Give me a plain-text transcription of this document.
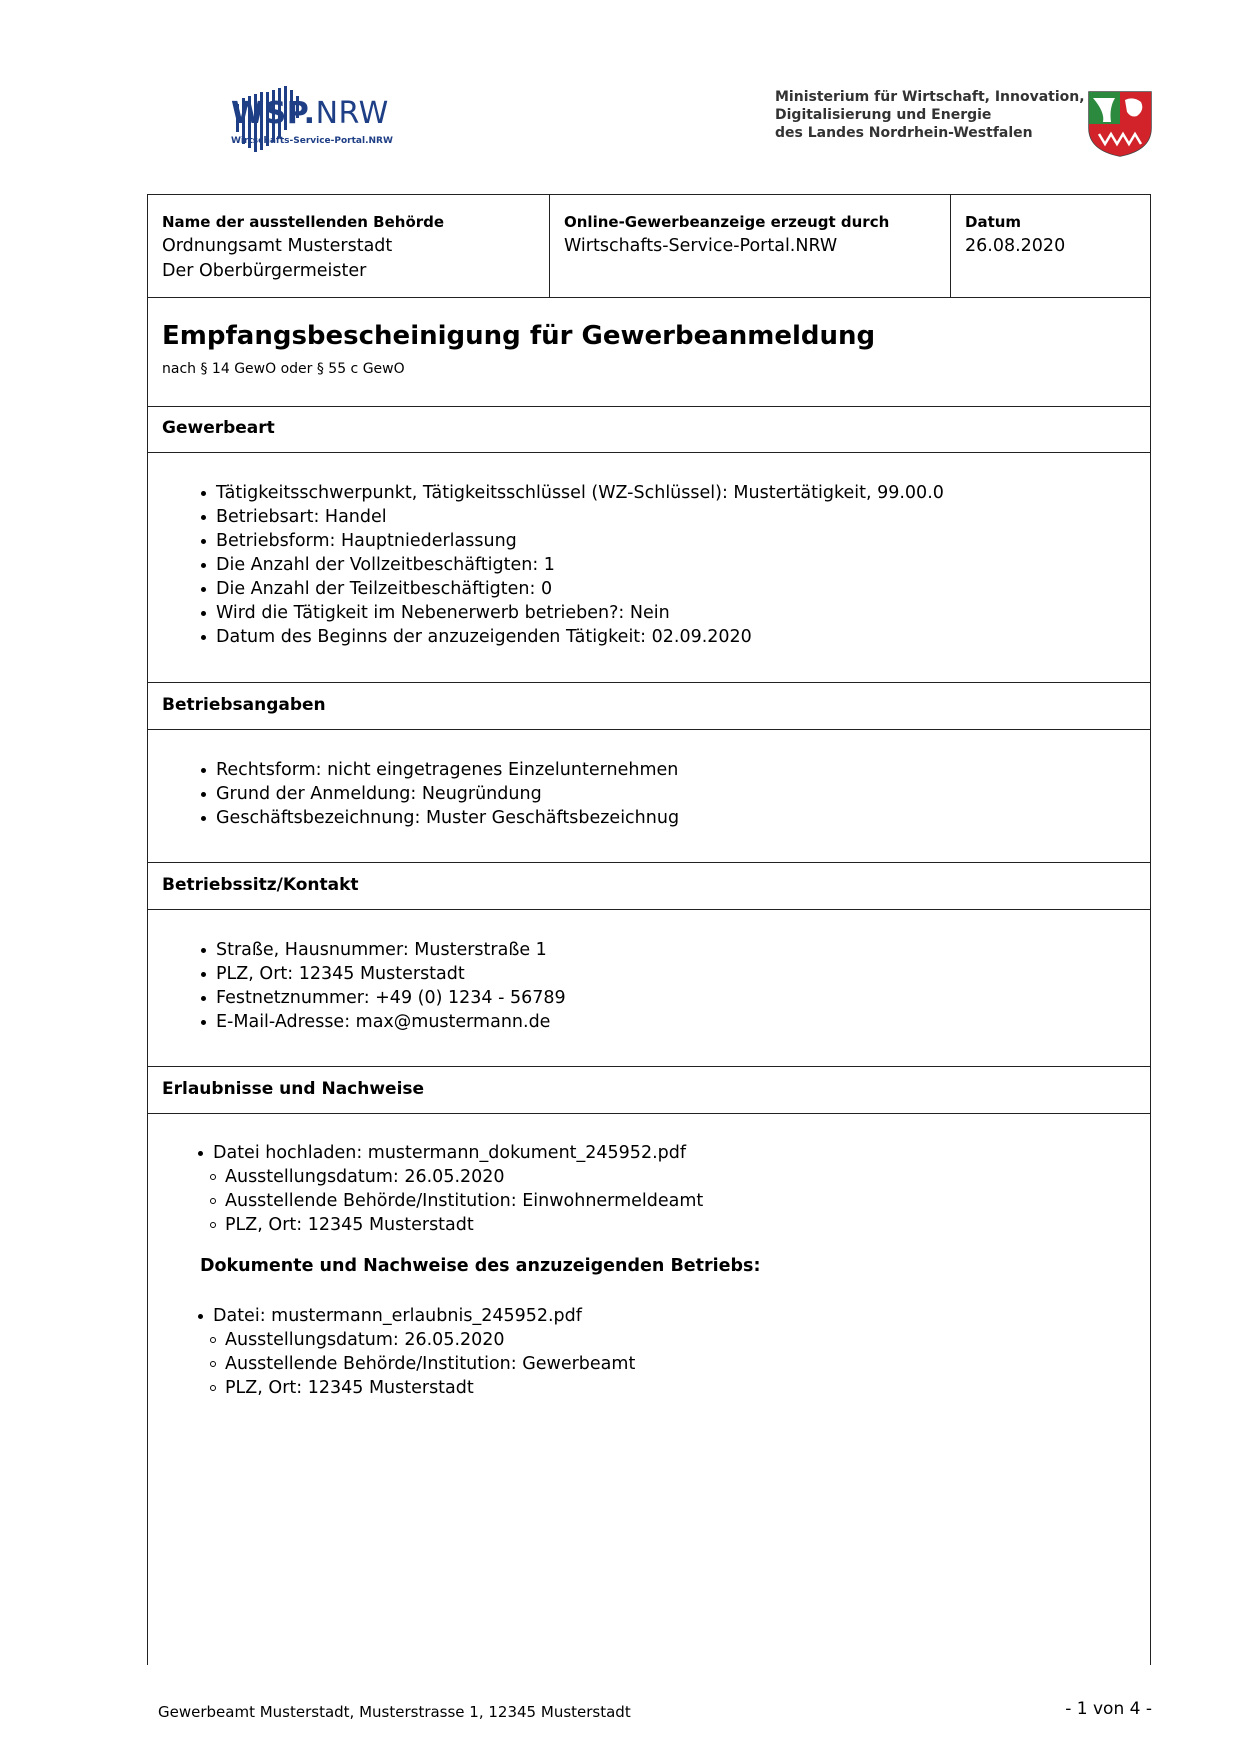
WSP.NRW
Wirtschafts-Service-Portal.NRW
Ministerium für Wirtschaft, Innovation,
Digitalisierung und Energie
des Landes Nordrhein-Westfalen
Name der ausstellenden Behörde
Ordnungsamt Musterstadt
Der Oberbürgermeister
Online-Gewerbeanzeige erzeugt durch
Wirtschafts-Service-Portal.NRW
Datum
26.08.2020
Empfangsbescheinigung für Gewerbeanmeldung
nach § 14 GewO oder § 55 c GewO
Gewerbeart
Tätigkeitsschwerpunkt, Tätigkeitsschlüssel (WZ-Schlüssel): Mustertätigkeit, 99.00.0
Betriebsart: Handel
Betriebsform: Hauptniederlassung
Die Anzahl der Vollzeitbeschäftigten: 1
Die Anzahl der Teilzeitbeschäftigten: 0
Wird die Tätigkeit im Nebenerwerb betrieben?: Nein
Datum des Beginns der anzuzeigenden Tätigkeit: 02.09.2020
Betriebsangaben
Rechtsform: nicht eingetragenes Einzelunternehmen
Grund der Anmeldung: Neugründung
Geschäftsbezeichnung: Muster Geschäftsbezeichnug
Betriebssitz/Kontakt
Straße, Hausnummer: Musterstraße 1
PLZ, Ort: 12345 Musterstadt
Festnetznummer: +49 (0) 1234 - 56789
E-Mail-Adresse: max@mustermann.de
Erlaubnisse und Nachweise
Datei hochladen: mustermann_dokument_245952.pdf
Ausstellungsdatum: 26.05.2020
Ausstellende Behörde/Institution: Einwohnermeldeamt
PLZ, Ort: 12345 Musterstadt
Dokumente und Nachweise des anzuzeigenden Betriebs:
Datei: mustermann_erlaubnis_245952.pdf
Ausstellungsdatum: 26.05.2020
Ausstellende Behörde/Institution: Gewerbeamt
PLZ, Ort: 12345 Musterstadt
Gewerbeamt Musterstadt, Musterstrasse 1, 12345 Musterstadt	- 1 von 4 -
